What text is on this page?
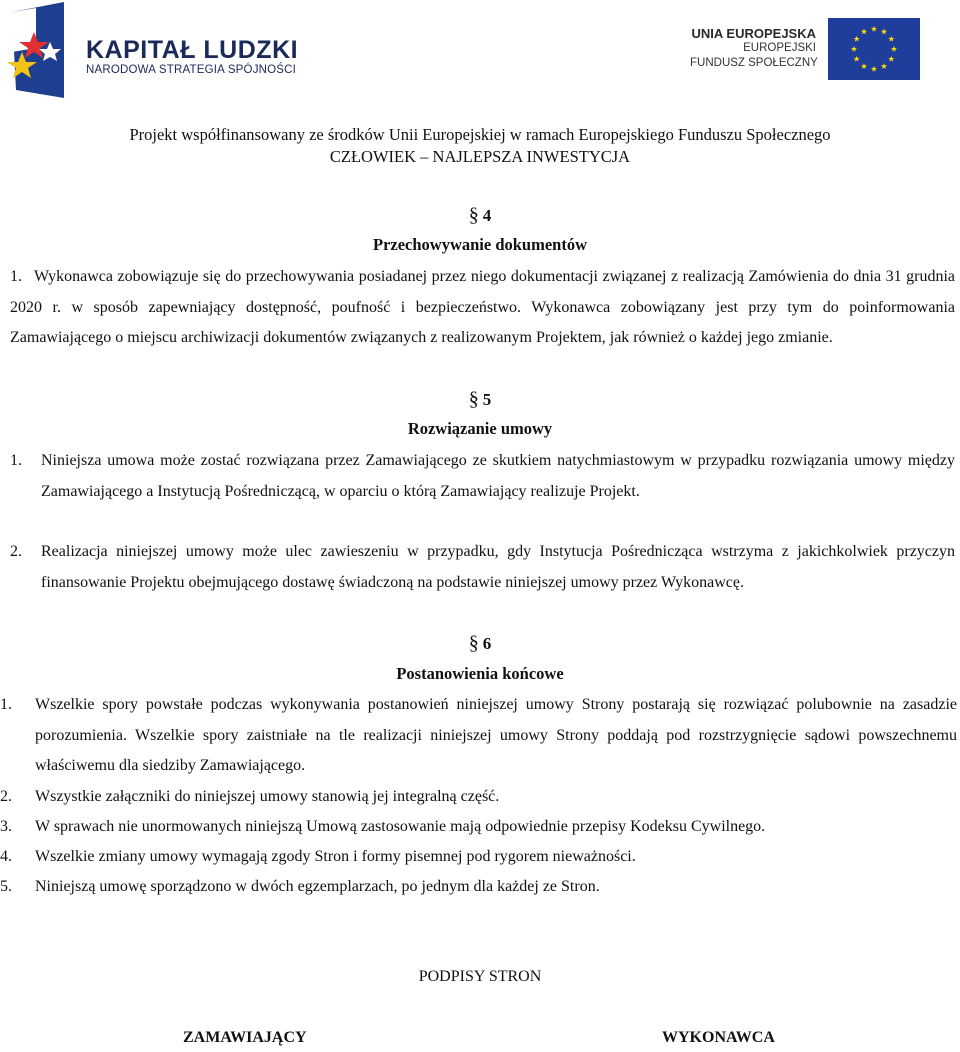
KAPITAŁ LUDZKI
NARODOWA STRATEGIA SPÓJNOŚCI
UNIA EUROPEJSKA
EUROPEJSKI
FUNDUSZ SPOŁECZNY
Projekt współfinansowany ze środków Unii Europejskiej w ramach Europejskiego Funduszu Społecznego
CZŁOWIEK – NAJLEPSZA INWESTYCJA
§ 4
Przechowywanie dokumentów
1. Wykonawca zobowiązuje się do przechowywania posiadanej przez niego dokumentacji związanej z realizacją Zamówienia do dnia 31 grudnia 2020 r. w sposób zapewniający dostępność, poufność i bezpieczeństwo. Wykonawca zobowiązany jest przy tym do poinformowania Zamawiającego o miejscu archiwizacji dokumentów związanych z realizowanym Projektem, jak również o każdej jego zmianie.
§ 5
Rozwiązanie umowy
1. Niniejsza umowa może zostać rozwiązana przez Zamawiającego ze skutkiem natychmiastowym w przypadku rozwiązania umowy między Zamawiającego a Instytucją Pośredniczącą, w oparciu o którą Zamawiający realizuje Projekt.
2. Realizacja niniejszej umowy może ulec zawieszeniu w przypadku, gdy Instytucja Pośrednicząca wstrzyma z jakichkolwiek przyczyn finansowanie Projektu obejmującego dostawę świadczoną na podstawie niniejszej umowy przez Wykonawcę.
§ 6
Postanowienia końcowe
1. Wszelkie spory powstałe podczas wykonywania postanowień niniejszej umowy Strony postarają się rozwiązać polubownie na zasadzie porozumienia. Wszelkie spory zaistniałe na tle realizacji niniejszej umowy Strony poddają pod rozstrzygnięcie sądowi powszechnemu właściwemu dla siedziby Zamawiającego.
2. Wszystkie załączniki do niniejszej umowy stanowią jej integralną część.
3. W sprawach nie unormowanych niniejszą Umową zastosowanie mają odpowiednie przepisy Kodeksu Cywilnego.
4. Wszelkie zmiany umowy wymagają zgody Stron i formy pisemnej pod rygorem nieważności.
5. Niniejszą umowę sporządzono w dwóch egzemplarzach, po jednym dla każdej ze Stron.
PODPISY STRON
ZAMAWIAJĄCY	WYKONAWCA
